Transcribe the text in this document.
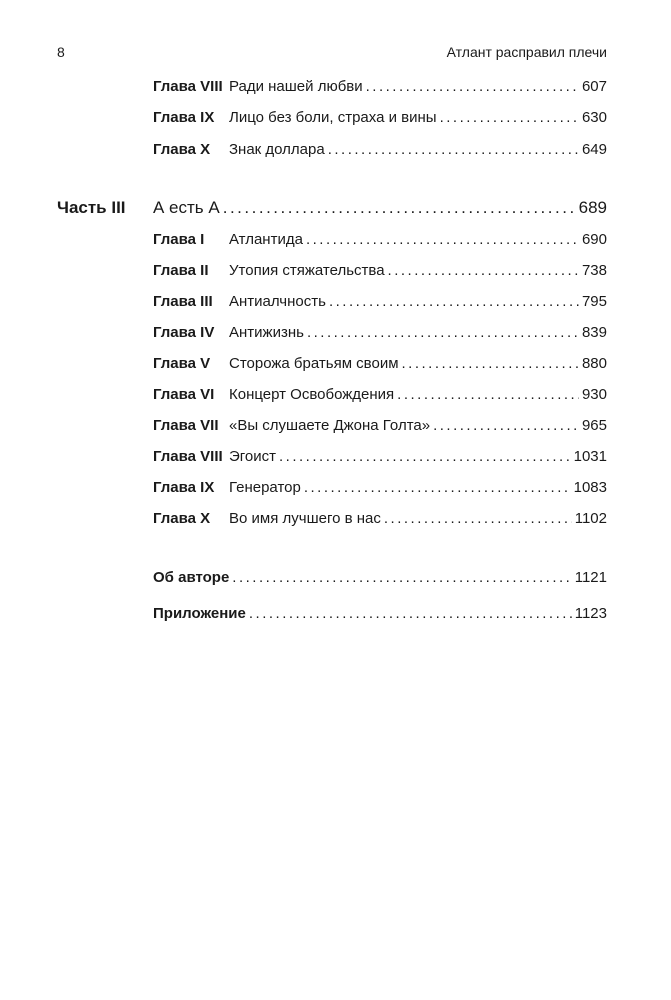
8	Атлант расправил плечи
Глава VIII Ради нашей любви .....	607
Глава IX Лицо без боли, страха и вины .....	630
Глава X	Знак доллара .....	649
Часть III	А есть А .....	689
Глава I	Атлантида .....	690
Глава II	Утопия стяжательства .....	738
Глава III	Антиалчность .....	795
Глава IV Антижизнь .....	839
Глава V	Сторожа братьям своим .....	880
Глава VI Концерт Освобождения .....	930
Глава VII «Вы слушаете Джона Голта» .....	965
Глава VIII Эгоист .....	1031
Глава IX Генератор .....	1083
Глава X	Во имя лучшего в нас .....	1102
Об авторе .....	1121
Приложение .....	1123
